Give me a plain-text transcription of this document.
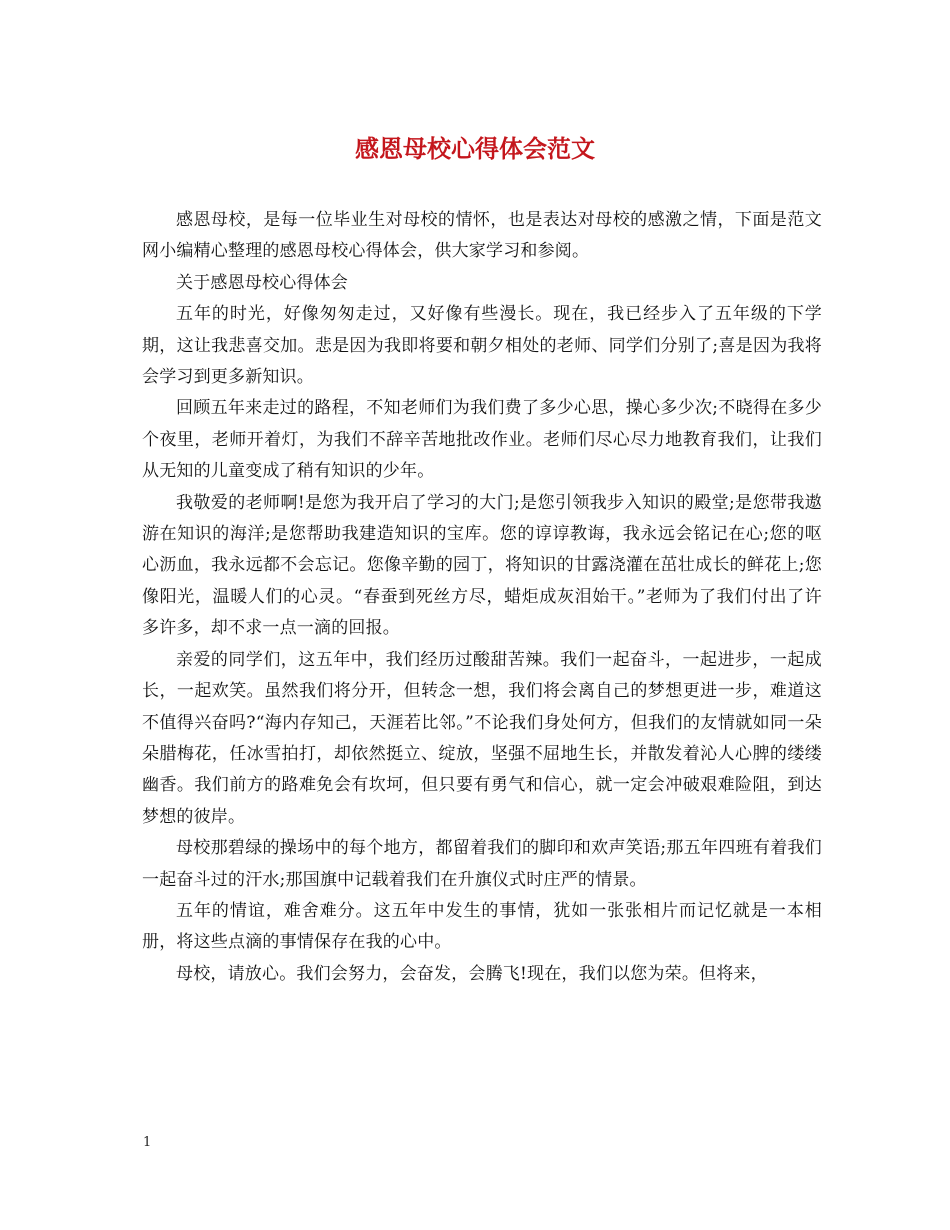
感恩母校心得体会范文

感恩母校，是每一位毕业生对母校的情怀，也是表达对母校的感激之情，下面是范文网小编精心整理的感恩母校心得体会，供大家学习和参阅。

关于感恩母校心得体会

五年的时光，好像匆匆走过，又好像有些漫长。现在，我已经步入了五年级的下学期，这让我悲喜交加。悲是因为我即将要和朝夕相处的老师、同学们分别了;喜是因为我将会学习到更多新知识。

回顾五年来走过的路程，不知老师们为我们费了多少心思，操心多少次;不晓得在多少个夜里，老师开着灯，为我们不辞辛苦地批改作业。老师们尽心尽力地教育我们，让我们从无知的儿童变成了稍有知识的少年。

我敬爱的老师啊!是您为我开启了学习的大门;是您引领我步入知识的殿堂;是您带我遨游在知识的海洋;是您帮助我建造知识的宝库。您的谆谆教诲，我永远会铭记在心;您的呕心沥血，我永远都不会忘记。您像辛勤的园丁，将知识的甘露浇灌在茁壮成长的鲜花上;您像阳光，温暖人们的心灵。“春蚕到死丝方尽，蜡炬成灰泪始干。”老师为了我们付出了许多许多，却不求一点一滴的回报。

亲爱的同学们，这五年中，我们经历过酸甜苦辣。我们一起奋斗，一起进步，一起成长，一起欢笑。虽然我们将分开，但转念一想，我们将会离自己的梦想更进一步，难道这不值得兴奋吗?“海内存知己，天涯若比邻。”不论我们身处何方，但我们的友情就如同一朵朵腊梅花，任冰雪拍打，却依然挺立、绽放，坚强不屈地生长，并散发着沁人心脾的缕缕幽香。我们前方的路难免会有坎坷，但只要有勇气和信心，就一定会冲破艰难险阻，到达梦想的彼岸。

母校那碧绿的操场中的每个地方，都留着我们的脚印和欢声笑语;那五年四班有着我们一起奋斗过的汗水;那国旗中记载着我们在升旗仪式时庄严的情景。

五年的情谊，难舍难分。这五年中发生的事情，犹如一张张相片而记忆就是一本相册，将这些点滴的事情保存在我的心中。

母校，请放心。我们会努力，会奋发，会腾飞!现在，我们以您为荣。但将来，

1
